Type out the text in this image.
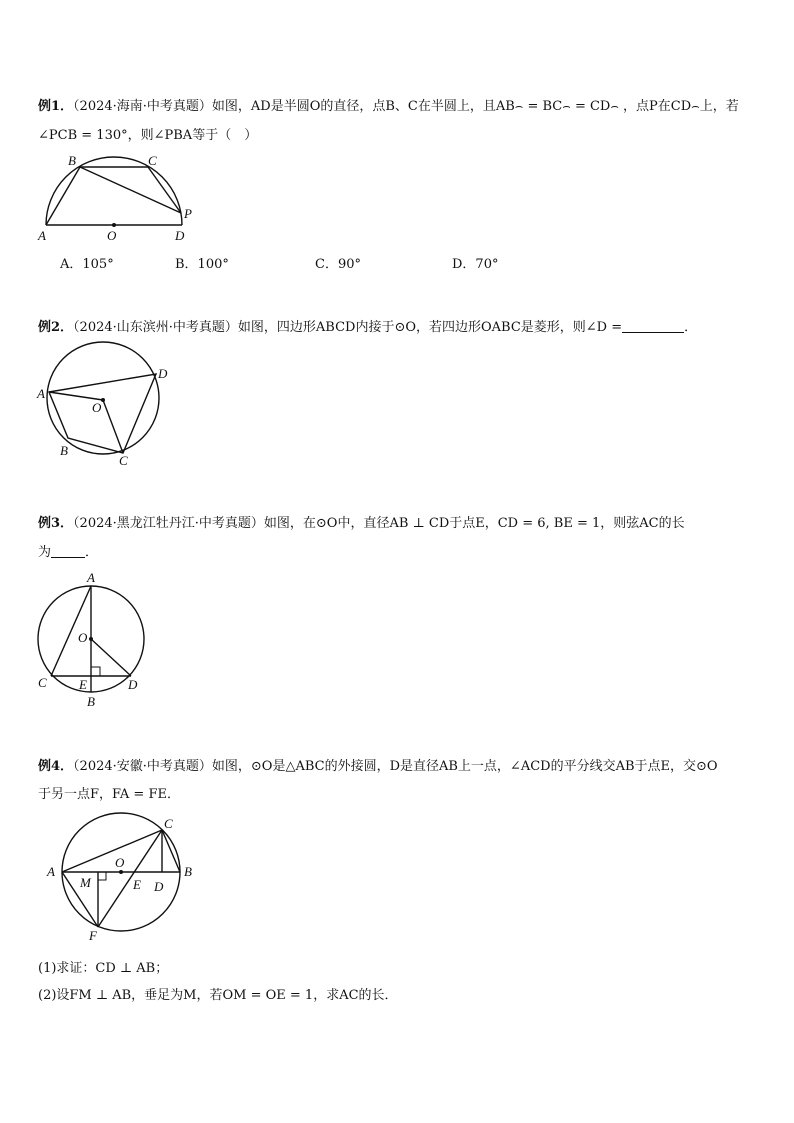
例1．（2024·海南·中考真题）如图，AD是半圆O的直径，点B、C在半圆上，且AB⌢ = BC⌢ = CD⌢ ，点P在CD⌢上，若
∠PCB = 130°，则∠PBA等于（　）
A
B	C
D
O
P
A．105°	B．100°	C．90°	D．70°
例2．（2024·山东滨州·中考真题）如图，四边形ABCD内接于⊙O，若四边形OABC是菱形，则∠D =	．
A
B
C
D
O
例3．（2024·黑龙江牡丹江·中考真题）如图，在⊙O中，直径AB ⊥ CD于点E，CD = 6, BE = 1，则弦AC的长
为	．
A
B
C	D
E
O
例4．（2024·安徽·中考真题）如图，⊙O是△ABC的外接圆，D是直径AB上一点，∠ACD的平分线交AB于点E，交⊙O
于另一点F，FA = FE．
A	B
C
D
E
F
M
O
(1)求证：CD ⊥ AB；
(2)设FM ⊥ AB，垂足为M，若OM = OE = 1，求AC的长．
